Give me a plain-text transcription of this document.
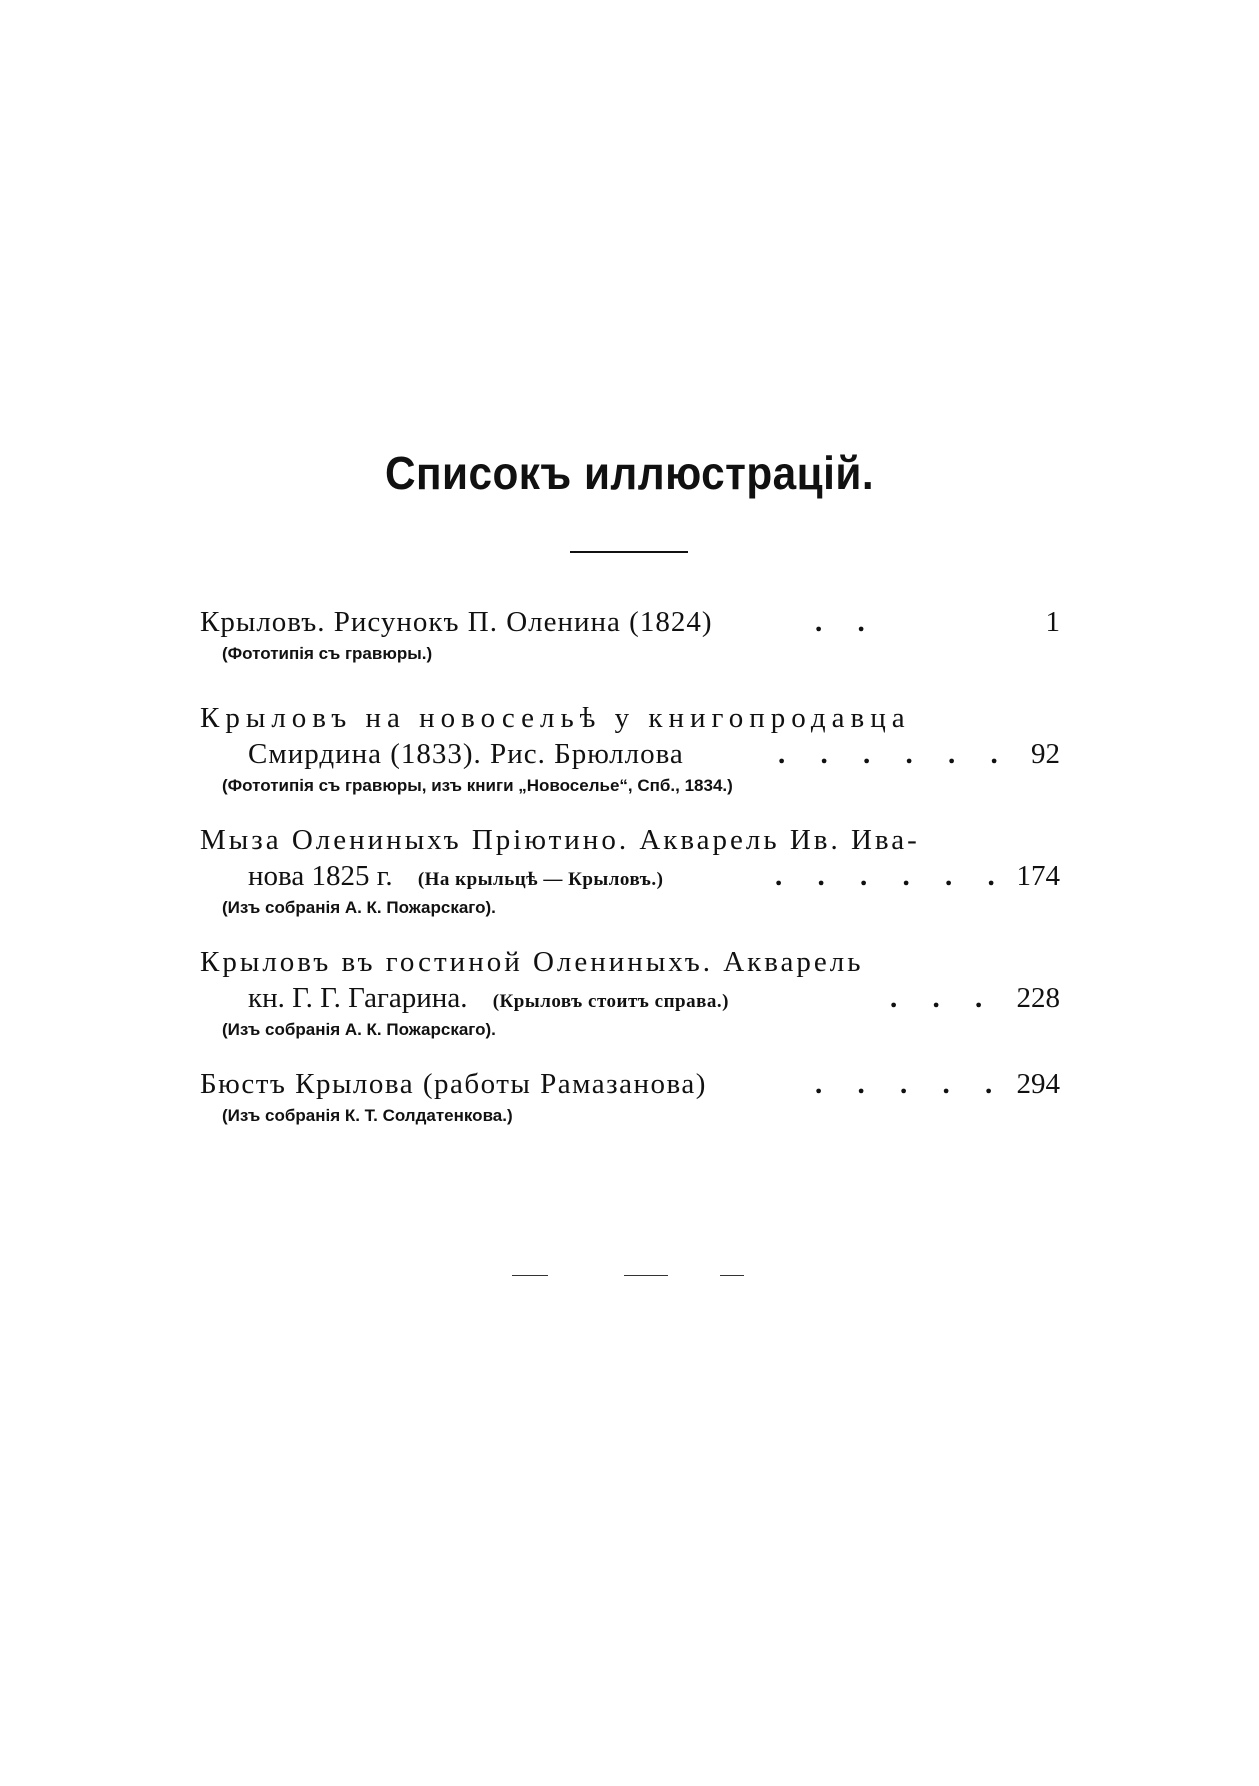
Списокъ иллюстрацій.
Крыловъ. Рисунокъ П. Оленина (1824)	. .	1
(Фототипія съ гравюры.)
Крыловъ на новосельѣ у книгопродавца
Смирдина (1833). Рис. Брюллова	. . . . . . 92
(Фототипія съ гравюры, изъ книги „Новоселье“, Спб., 1834.)
Мыза Олениныхъ Пріютино. Акварель Ив. Ива-
нова 1825 г. (На крыльцѣ — Крыловъ.)	. . . . . . 174
(Изъ собранія А. К. Пожарскаго).
Крыловъ въ гостиной Олениныхъ. Акварель
кн. Г. Г. Гагарина. (Крыловъ стоитъ справа.)	. . . 228
(Изъ собранія А. К. Пожарскаго).
Бюстъ Крылова (работы Рамазанова)	. . . . . 294
(Изъ собранія К. Т. Солдатенкова.)
